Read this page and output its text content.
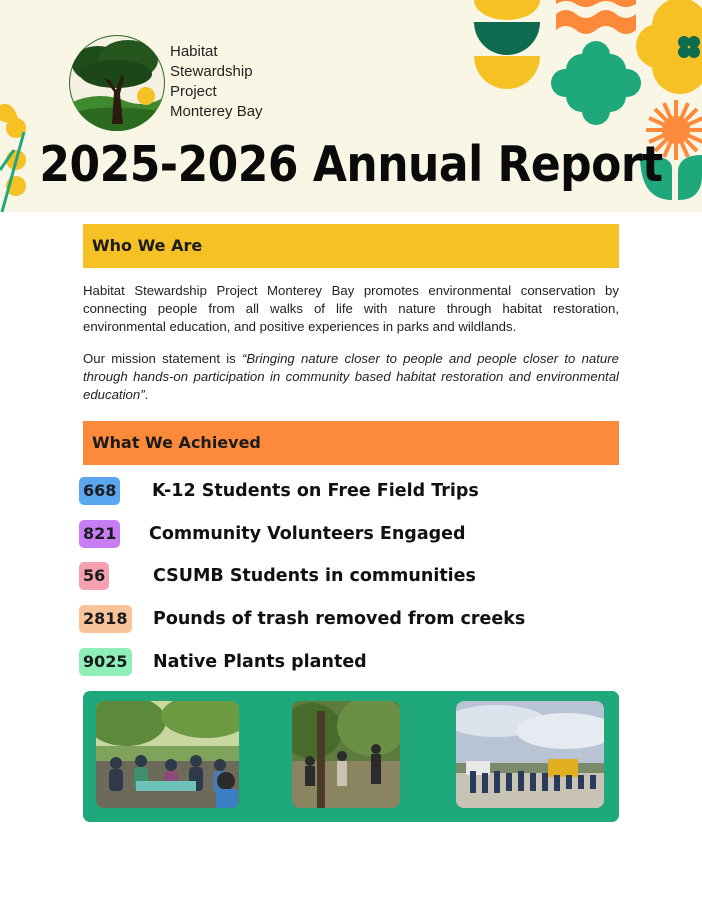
Habitat
Stewardship
Project
Monterey Bay
2025-2026 Annual Report
Who We Are
Habitat Stewardship Project Monterey Bay promotes environmental conservation by connecting people from all walks of life with nature through habitat restoration, environmental education, and positive experiences in parks and wildlands.
Our mission statement is “Bringing nature closer to people and people closer to nature through hands-on participation in community based habitat restoration and environmental education”.
What We Achieved
668 K-12 Students on Free Field Trips
821 Community Volunteers Engaged
56	CSUMB Students in communities
2818 Pounds of trash removed from creeks
9025 Native Plants planted
